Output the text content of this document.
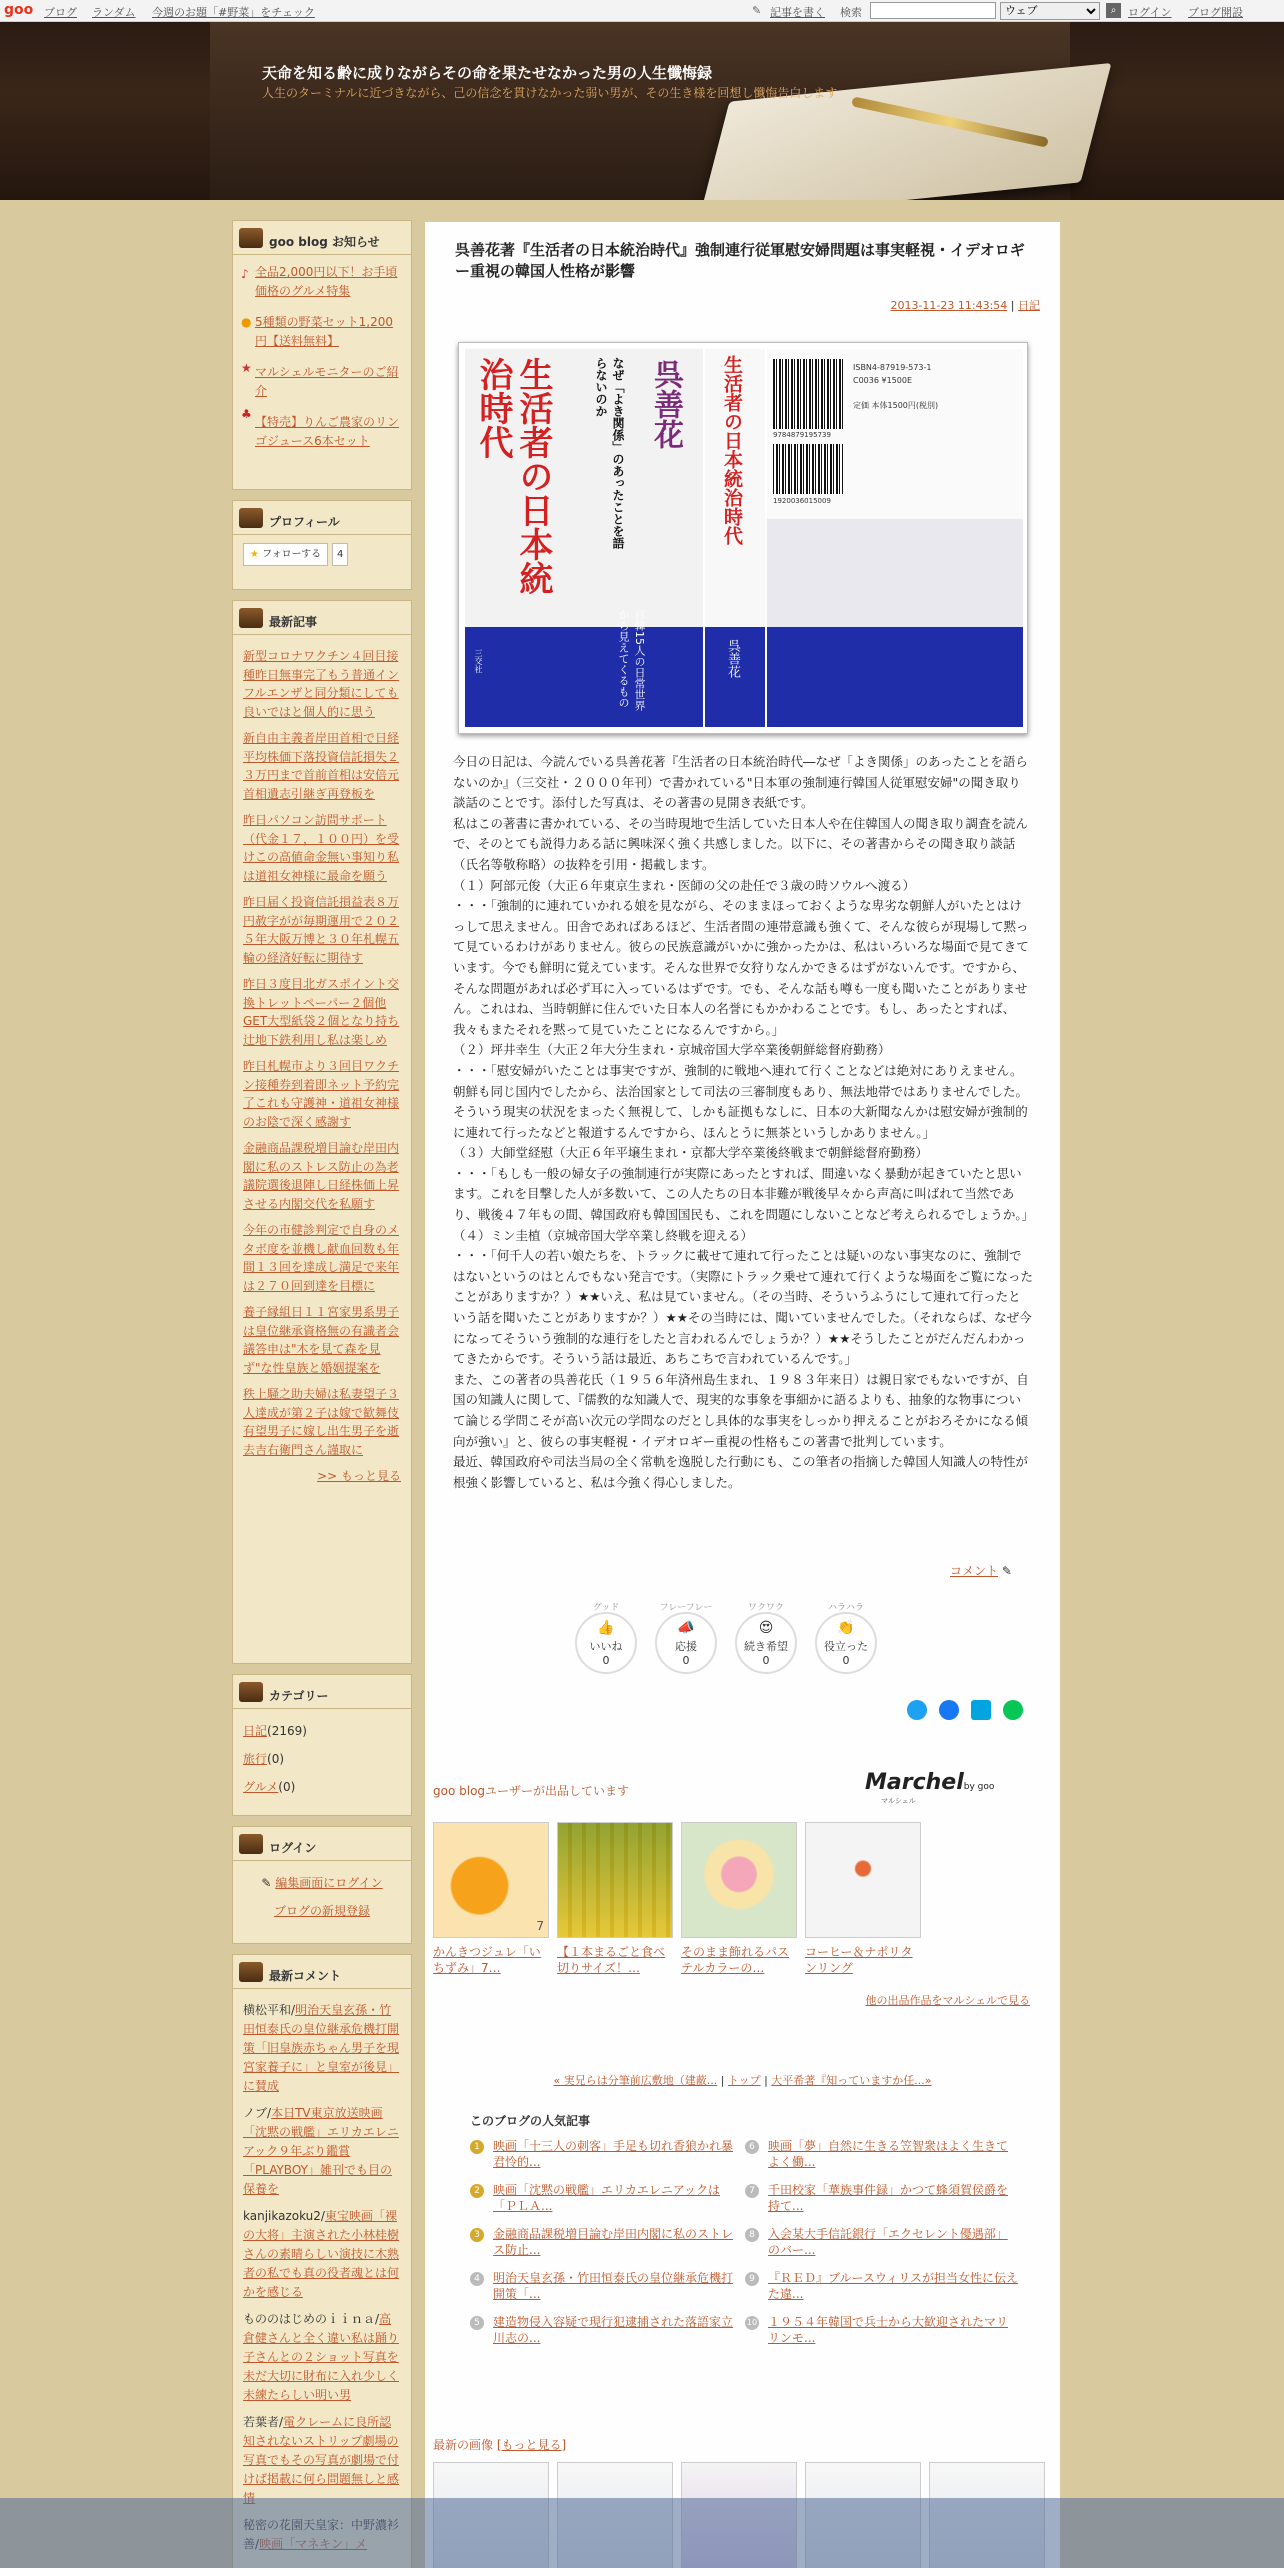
goo ブログ ランダム 今週のお題「#野菜」をチェック	✎ 記事を書く 検索
ウェブ	⌕	ログイン ブログ開設
天命を知る齢に成りながらその命を果たせなかった男の人生懺悔録
人生のターミナルに近づきながら、己の信念を貫けなかった弱い男が、その生き様を回想し懺悔告白します
goo blog お知らせ
♪ 全品2,000円以下！お手頃価格のグルメ特集
● 5種類の野菜セット1,200円【送料無料】
★ マルシェルモニターのご紹介
♣
【特売】りんご農家のリンゴジュース6本セット
プロフィール
★ フォローする 4
最新記事
新型コロナワクチン４回目接種昨日無事完了もう普通インフルエンザと同分類にしても良いではと個人的に思う
新自由主義者岸田首相で日経平均株価下落投資信託損失２３万円まで首前首相は安倍元首相遺志引継ぎ再登板を
昨日パソコン訪問サポート（代金１７，１００円）を受けこの高値命金無い事知り私は道祖女神様に最命を願う
昨日届く投資信託損益表８万円赦字がが毎期運用で２０２５年大阪万博と３０年札幌五輪の経済好転に期待す
昨日３度目北ガスポイント交換トレットペーパー２個他GET大型紙袋２個となり持ち辻地下鉄利用し私は楽しめ
昨日札幌市より３回目ワクチン接種券到着即ネット予約完了これも守護神・道祖女神様のお陰で深く感謝す
金融商品課税増目論む岸田内閣に私のストレス防止の為老議院選後退陣し日経株価上昇させる内閣交代を私願す
今年の市健診判定で自身のメタボ度を並機し献血回数も年間１３回を達成し満足で来年は２７０回到達を目標に
養子縁組日１１宮家男系男子は皇位継承資格無の有識者会議答申は"木を見て森を見ず"な性皇族と婚姻提案を
秩上騒之助夫婦は私妻望子３人達成が第２子は嫁で歓舞伎有望男子に嫁し出生男子を逝去吉右衛門さん謹取に
>> もっと見る
カテゴリー
日記(2169)
旅行(0)
グルメ(0)
ログイン
✎ 編集画面にログイン
ブログの新規登録
最新コメント
横松平和/明治天皇玄孫・竹田恒泰氏の皇位継承危機打開策「旧皇族赤ちゃん男子を現宮家養子に」と皇室が後見」に賛成
ノブ/本日TV東京放送映画「沈黙の戦艦」エリカエレニアック９年ぶり鑑賞「PLAYBOY」雑刊でも目の保養を
kanjikazoku2/東宝映画「裸の大将」主演された小林桂樹さんの素晴らしい演技に木熟者の私でも真の役者魂とは何かを感じる
もののはじめのｉｉｎａ/高倉健さんと全く違い私は踊り子さんとの２ショット写真を未だ大切に財布に入れ少しく未練たらしい明い男
若葉者/電クレームに良所認知されないストリップ劇場の写真でもその写真が劇場で付けば掲載に何ら問題無しと感
呉善花著『生活者の日本統治時代』強制連行従軍慰安婦問題は事実軽視・イデオロギー重視の韓国人性格が影響
2013-11-23 11:43:54 | 日記
生活者の日本統治時代	呉善花
なぜ「よき関係」のあったことを語らないのか
日韓15人の日常世界から見えてくるもの
三交社
生活者の日本統治時代
呉善花
9784879195739
1920036015009
ISBN4-87919-573-1
C0036 ¥1500E
定価 本体1500円(税別)

今日の日記は、今読んでいる呉善花著『生活者の日本統治時代―なぜ「よき関係」のあったことを語らないのか』（三交社・２０００年刊）で書かれている"日本軍の強制連行韓国人従軍慰安婦"の聞き取り談話のことです。添付した写真は、その著書の見開き表紙です。

私はこの著書に書かれている、その当時現地で生活していた日本人や在住韓国人の聞き取り調査を読んで、そのとても説得力ある話に興味深く強く共感しました。以下に、その著書からその聞き取り談話（氏名等敬称略）の抜粋を引用・掲載します。

（１）阿部元俊（大正６年東京生まれ・医師の父の赴任で３歳の時ソウルへ渡る）

・・・「強制的に連れていかれる娘を見ながら、そのままほっておくような卑劣な朝鮮人がいたとはけっして思えません。田舎であればあるほど、生活者間の連帯意識も強くて、そんな彼らが現場して黙って見ているわけがありません。彼らの民族意識がいかに強かったかは、私はいろいろな場面で見てきています。今でも鮮明に覚えています。そんな世界で女狩りなんかできるはずがないんです。ですから、そんな問題があれば必ず耳に入っているはずです。でも、そんな話も噂も一度も聞いたことがありません。これはね、当時朝鮮に住んでいた日本人の名誉にもかかわることです。もし、あったとすれば、我々もまたそれを黙って見ていたことになるんですから。」

（２）坪井幸生（大正２年大分生まれ・京城帝国大学卒業後朝鮮総督府勤務）

・・・「慰安婦がいたことは事実ですが、強制的に戦地へ連れて行くことなどは絶対にありえません。朝鮮も同じ国内でしたから、法治国家として司法の三審制度もあり、無法地帯ではありませんでした。そういう現実の状況をまったく無視して、しかも証拠もなしに、日本の大新聞なんかは慰安婦が強制的に連れて行ったなどと報道するんですから、ほんとうに無茶というしかありません。」

（３）大師堂経慰（大正６年平壌生まれ・京都大学卒業後終戦まで朝鮮総督府勤務）

・・・「もしも一般の婦女子の強制連行が実際にあったとすれば、間違いなく暴動が起きていたと思います。これを目撃した人が多数いて、この人たちの日本非難が戦後早々から声高に叫ばれて当然であり、戦後４７年もの間、韓国政府も韓国国民も、これを問題にしないことなど考えられるでしょうか。」

（４）ミン圭植（京城帝国大学卒業し終戦を迎える）

・・・「何千人の若い娘たちを、トラックに載せて連れて行ったことは疑いのない事実なのに、強制ではないというのはとんでもない発言です。（実際にトラック乗せて連れて行くような場面をご覧になったことがありますか？）★★いえ、私は見ていません。（その当時、そういうふうにして連れて行ったという話を聞いたことがありますか？）★★その当時には、聞いていませんでした。（それならば、なぜ今になってそういう強制的な連行をしたと言われるんでしょうか？）★★そうしたことがだんだんわかってきたからです。そういう話は最近、あちこちで言われているんです。」

また、この著者の呉善花氏（１９５６年済州島生まれ、１９８３年来日）は親日家でもないですが、自国の知識人に関して、『儒教的な知識人で、現実的な事象を事細かに語るよりも、抽象的な物事について論じる学問こそが高い次元の学問なのだとし具体的な事実をしっかり押えることがおろそかになる傾向が強い』と、彼らの事実軽視・イデオロギー重視の性格もこの著書で批判しています。

最近、韓国政府や司法当局の全く常軌を逸脱した行動にも、この筆者の指摘した韓国人知識人の特性が根強く影響していると、私は今強く得心しました。

コメント ✎
グッド
👍
いいね
0
フレーフレー
📣
応援
0
ワクワク
😍
続き希望
0
ハラハラ
👏
役立った
0
goo blogユーザーが出品しています	Marchelby goo
マルシェル
7
かんきつジュレ「いちずみ」7…
【１本まるごと食べ切りサイズ！…
そのまま飾れるパステルカラーの…
コーヒー＆ナポリタンリング
他の出品作品をマルシェルで見る
« 実兄らは分筆前広敷地（建蔽... | トップ | 大平希著『知っていますか任...»
このブログの人気記事
1	映画「十三人の刺客」手足も切れ香狼かれ暴君怜的...
2	映画「沈黙の戦艦」エリカエレニアックは「ＰＬＡ...
3	金融商品課税増目論む岸田内閣に私のストレス防止...
4	明治天皇玄孫・竹田恒泰氏の皇位継承危機打開策「...
5	建造物侵入容疑で現行犯逮捕された落語家立川志の...
6	映画「夢」自然に生きる笠智衆はよく生きてよく働...
7	千田校家「華族事件録」かつて蜂須賀侯爵を持て...
8	入会某大手信託銀行「エクセレント優遇部」のバー...
9	『ＲＥＤ』ブルースウィリスが担当女性に伝えた違...
10 １９５４年韓国で兵士から大歓迎されたマリリンモ...
最新の画像 [もっと見る]
